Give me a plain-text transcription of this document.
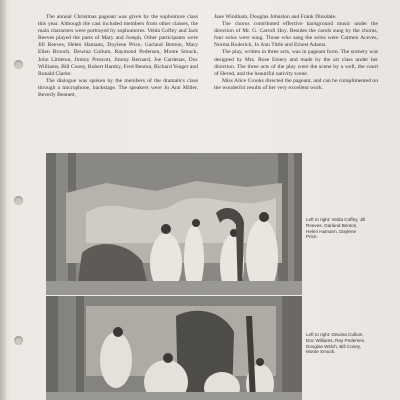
The annual Christmas pageant was given by the sophomore class this year. Although the cast included members from other classes, the main characters were portrayed by sophomores. Velda Coffey and Jack Reeves played the parts of Mary and Joseph. Other participants were Jill Reeves, Helen Hamann, Doylene Price, Garland Benton, Mary Ellen Brooch, Dewina Cullum, Raymond Pedersen, Monte Smuck, John Littleton, Jimmy Prescott, Jimmy Bernard, Joe Cardenas, Doc Williams, Bill Cooey, Robert Hamby, Fred Benton, Richard Yeager and Ronald Clarke.

The dialogue was spoken by the members of the dramatics class through a microphone, backstage. The speakers were Jo Ann Miller, Beverly Bennett,

Jane Windham, Douglas Johnston and Frank Dinsdale.

The chorus contributed effective background music under the direction of Mr. G. Carroll Hoy. Besides the carols sung by the chorus, four solos were sung. Those who sang the solos were Carmen Aceves, Norma Roderick, Jo Ann Tittle and Ernest Adams.

The play, written in three acts, was in pageant form. The scenery was designed by Mrs. Rose Emery and made by the art class under her direction. The three acts of the play were the scene by a well, the court of Herod, and the beautiful nativity scene.

Miss Alice Crooks directed the pageant, and can be complimented on the wonderful results of her very excellent work.

Left to right: Velda Coffey, Jill Reeves, Garland Benton, Helen Hamann, Doylene Price.
Left to right: Dewina Cullum, Doc Williams, Ray Pedersen, Douglas Welch, Bill Cooey, Monte Smuck.
